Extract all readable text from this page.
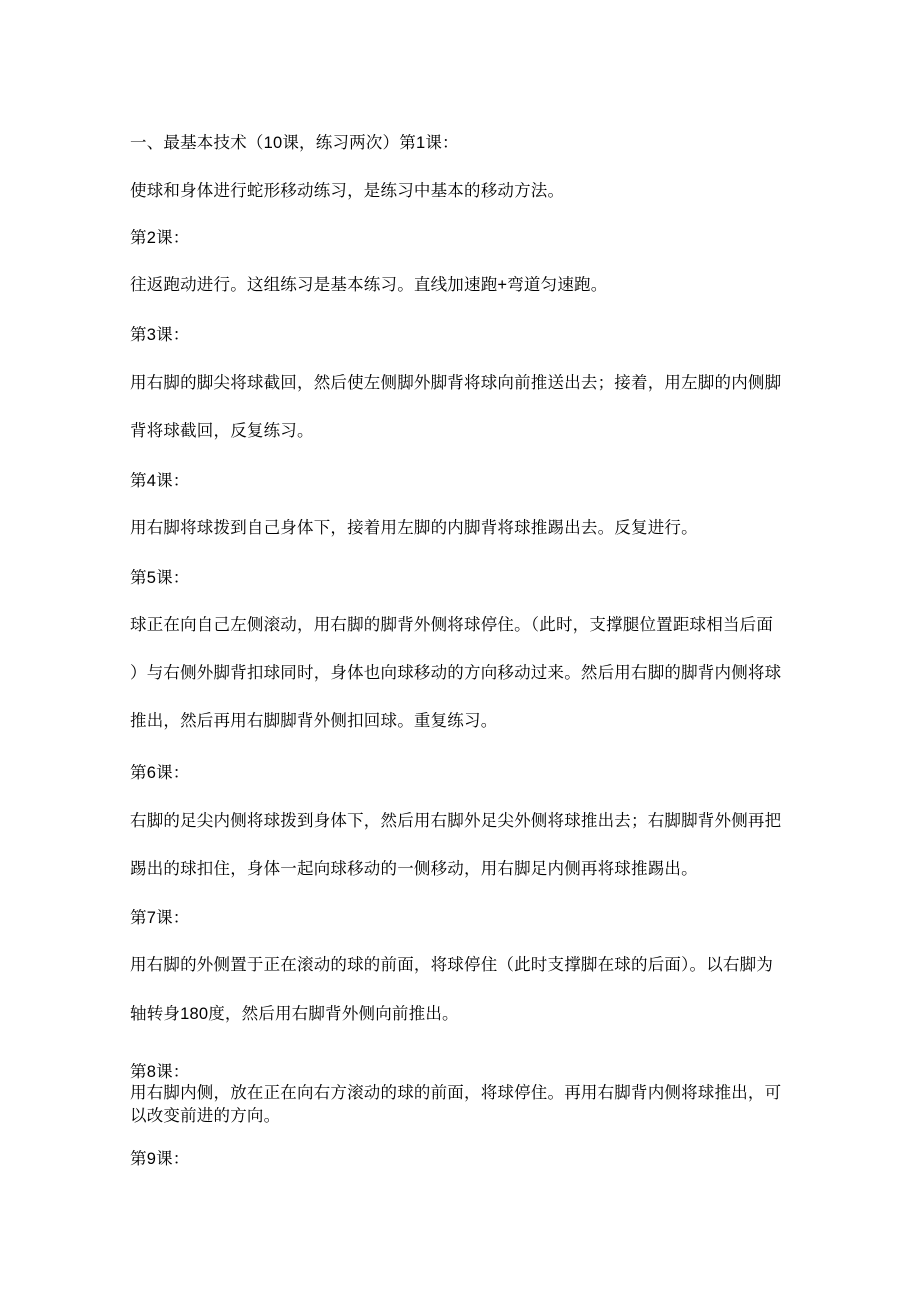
一、最基本技术（10课，练习两次）第1课：
使球和身体进行蛇形移动练习，是练习中基本的移动方法。
第2课：
往返跑动进行。这组练习是基本练习。直线加速跑+弯道匀速跑。
第3课：
用右脚的脚尖将球截回，然后使左侧脚外脚背将球向前推送出去；接着，用左脚的内侧脚
背将球截回，反复练习。
第4课：
用右脚将球拨到自己身体下，接着用左脚的内脚背将球推踢出去。反复进行。
第5课：
球正在向自己左侧滚动，用右脚的脚背外侧将球停住。（此时，支撑腿位置距球相当后面
）与右侧外脚背扣球同时，身体也向球移动的方向移动过来。然后用右脚的脚背内侧将球
推出，然后再用右脚脚背外侧扣回球。重复练习。
第6课：
右脚的足尖内侧将球拨到身体下，然后用右脚外足尖外侧将球推出去；右脚脚背外侧再把
踢出的球扣住，身体一起向球移动的一侧移动，用右脚足内侧再将球推踢出。
第7课：
用右脚的外侧置于正在滚动的球的前面，将球停住（此时支撑脚在球的后面）。以右脚为
轴转身180度，然后用右脚背外侧向前推出。
第8课：
用右脚内侧，放在正在向右方滚动的球的前面，将球停住。再用右脚背内侧将球推出，可
以改变前进的方向。
第9课：
